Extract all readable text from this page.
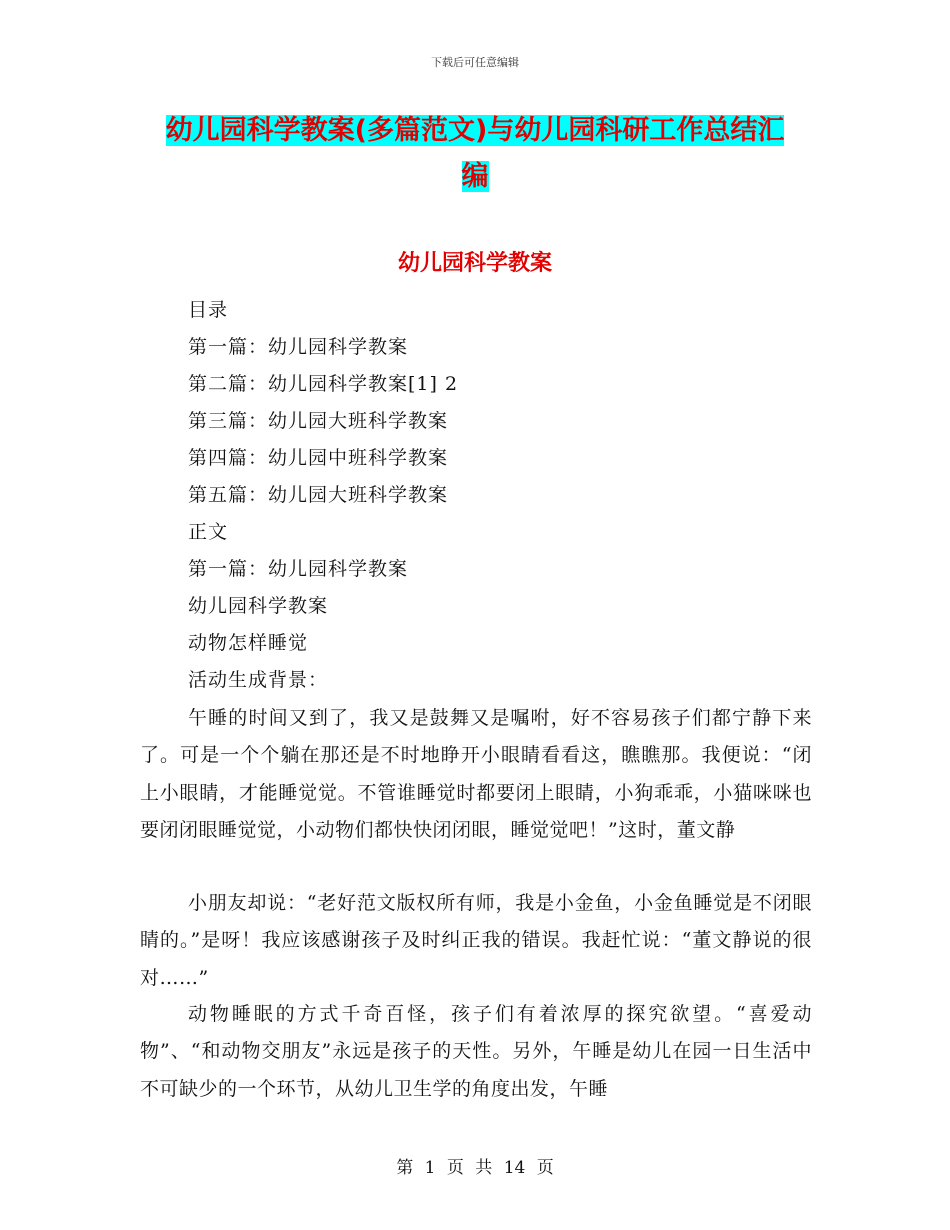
下载后可任意编辑
幼儿园科学教案(多篇范文)与幼儿园科研工作总结汇
编
幼儿园科学教案
目录
第一篇：幼儿园科学教案
第二篇：幼儿园科学教案[1] 2
第三篇：幼儿园大班科学教案
第四篇：幼儿园中班科学教案
第五篇：幼儿园大班科学教案
正文
第一篇：幼儿园科学教案
幼儿园科学教案
动物怎样睡觉
活动生成背景：
午睡的时间又到了，我又是鼓舞又是嘱咐，好不容易孩子们都宁静下来了。可是一个个躺在那还是不时地睁开小眼睛看看这，瞧瞧那。我便说：“闭上小眼睛，才能睡觉觉。不管谁睡觉时都要闭上眼睛，小狗乖乖，小猫咪咪也要闭闭眼睡觉觉，小动物们都快快闭闭眼，睡觉觉吧！”这时，董文静
小朋友却说：“老好范文版权所有师，我是小金鱼，小金鱼睡觉是不闭眼睛的。”是呀！我应该感谢孩子及时纠正我的错误。我赶忙说：“董文静说的很对……”
动物睡眠的方式千奇百怪，孩子们有着浓厚的探究欲望。“喜爱动物”、“和动物交朋友”永远是孩子的天性。另外，午睡是幼儿在园一日生活中不可缺少的一个环节，从幼儿卫生学的角度出发，午睡
第 1 页 共 14 页
